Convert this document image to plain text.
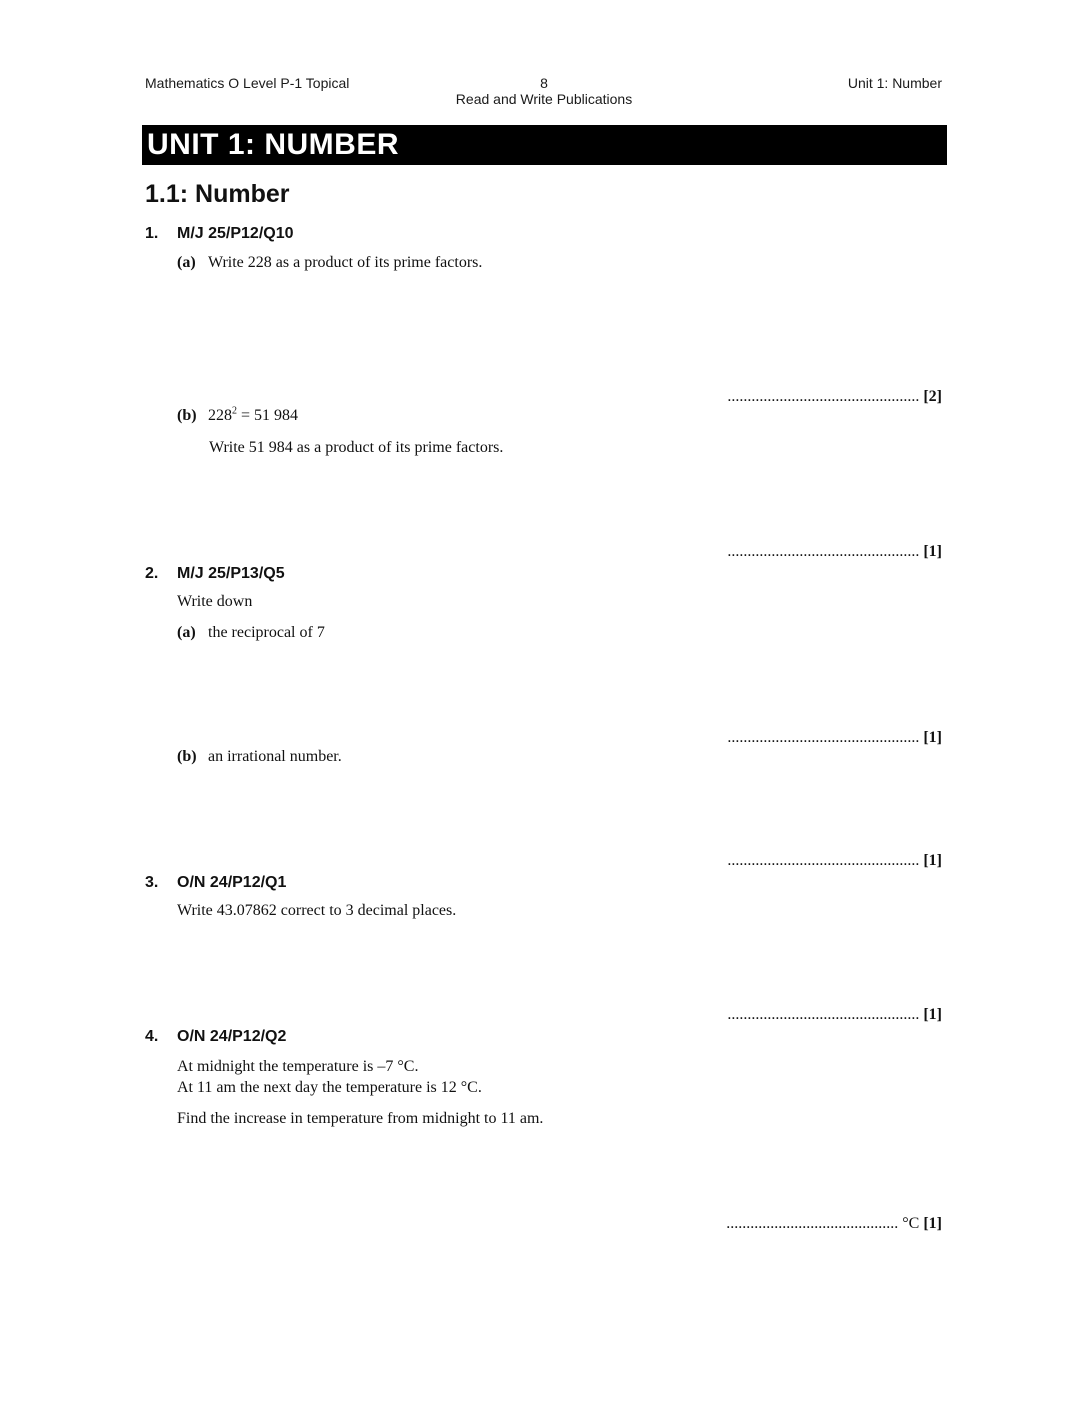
Mathematics O Level P-1 Topical	8
Read and Write Publications
Unit 1: Number
UNIT 1: NUMBER
1.1: Number
1. M/J 25/P12/Q10
(a) Write 228 as a product of its prime factors.
................................................ [2]
(b) $228^2 = 51$ 984
Write 51 984 as a product of its prime factors.
................................................ [1]
2. M/J 25/P13/Q5
Write down
(a) the reciprocal of 7
................................................ [1]
(b) an irrational number.
................................................ [1]
3. O/N 24/P12/Q1
Write 43.07862 correct to 3 decimal places.
................................................ [1]
4. O/N 24/P12/Q2
At midnight the temperature is –7 °C.
At 11 am the next day the temperature is 12 °C.
Find the increase in temperature from midnight to 11 am.
........................................... °C [1]
